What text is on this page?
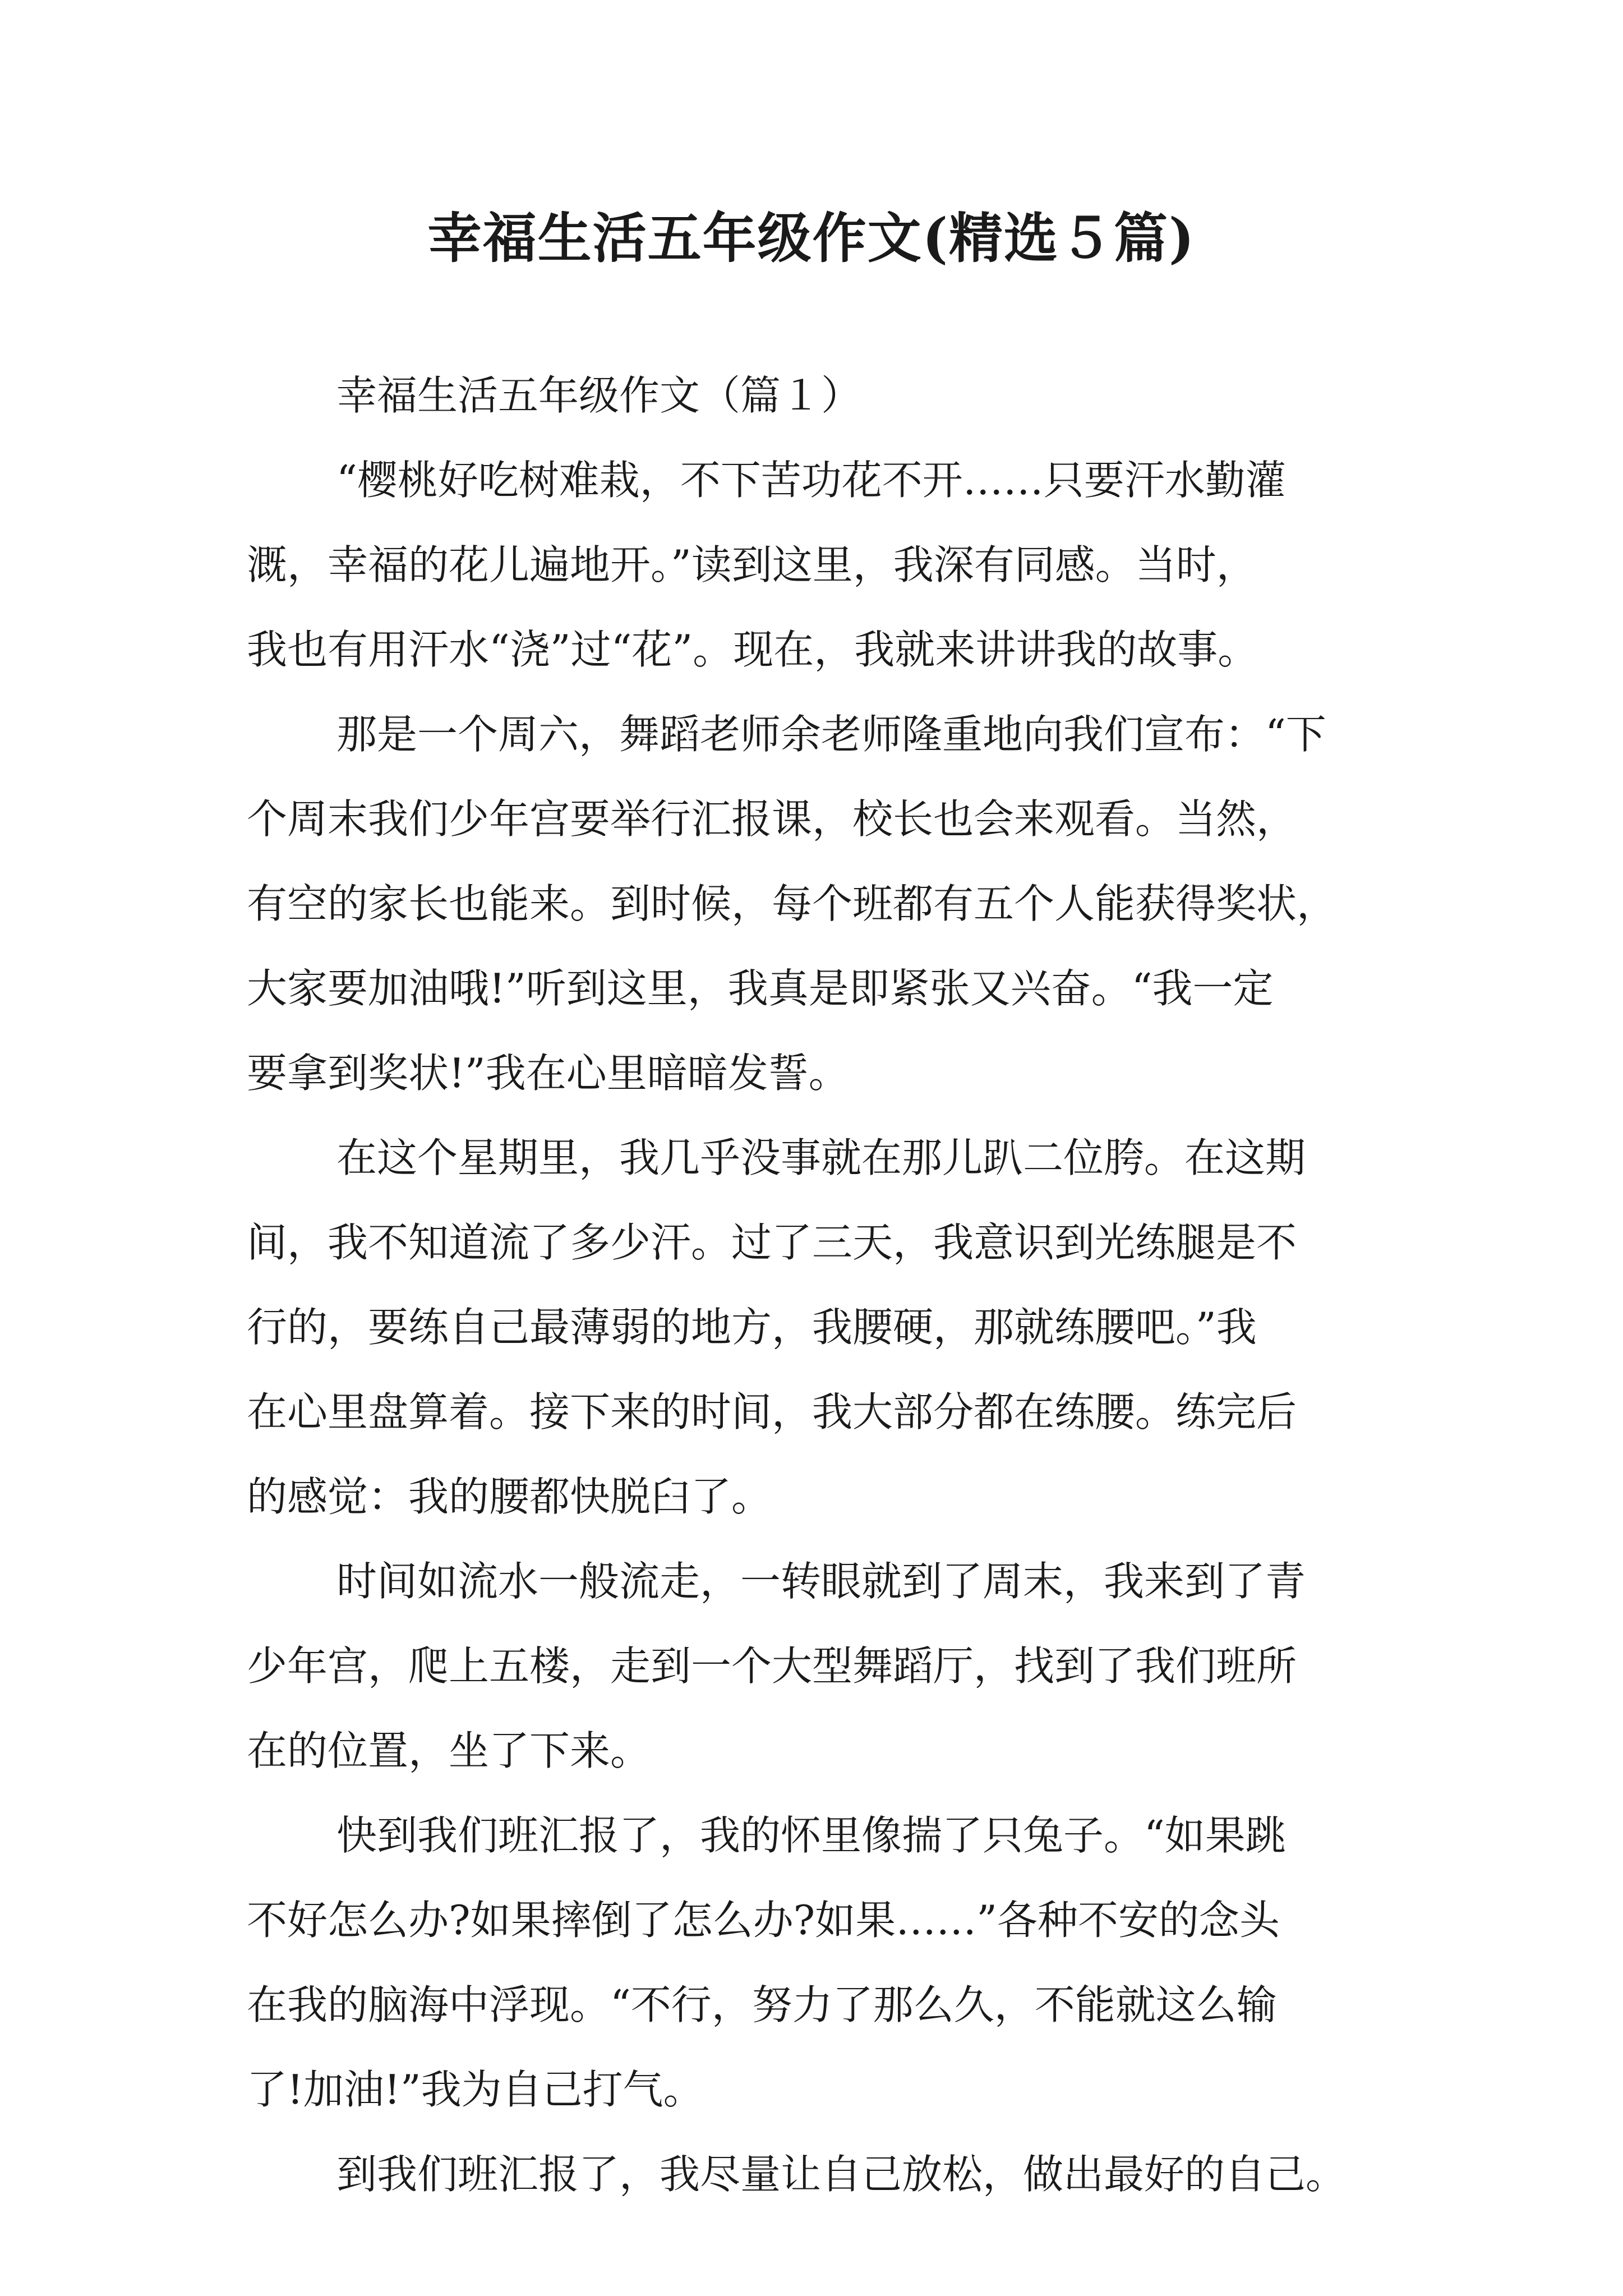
幸福生活五年级作文(精选５篇)
幸福生活五年级作文（篇１）
“樱桃好吃树难栽，不下苦功花不开……只要汗水勤灌
溉，幸福的花儿遍地开。”读到这里，我深有同感。当时，
我也有用汗水“浇”过“花”。现在，我就来讲讲我的故事。
那是一个周六，舞蹈老师余老师隆重地向我们宣布：“下
个周末我们少年宫要举行汇报课，校长也会来观看。当然，
有空的家长也能来。到时候，每个班都有五个人能获得奖状，
大家要加油哦!”听到这里，我真是即紧张又兴奋。“我一定
要拿到奖状!”我在心里暗暗发誓。
在这个星期里，我几乎没事就在那儿趴二位胯。在这期
间，我不知道流了多少汗。过了三天，我意识到光练腿是不
行的，要练自己最薄弱的地方，我腰硬，那就练腰吧。”我
在心里盘算着。接下来的时间，我大部分都在练腰。练完后
的感觉：我的腰都快脱臼了。
时间如流水一般流走，一转眼就到了周末，我来到了青
少年宫，爬上五楼，走到一个大型舞蹈厅，找到了我们班所
在的位置，坐了下来。
快到我们班汇报了，我的怀里像揣了只兔子。“如果跳
不好怎么办?如果摔倒了怎么办?如果……”各种不安的念头
在我的脑海中浮现。“不行，努力了那么久，不能就这么输
了!加油!”我为自己打气。
到我们班汇报了，我尽量让自己放松，做出最好的自己。
